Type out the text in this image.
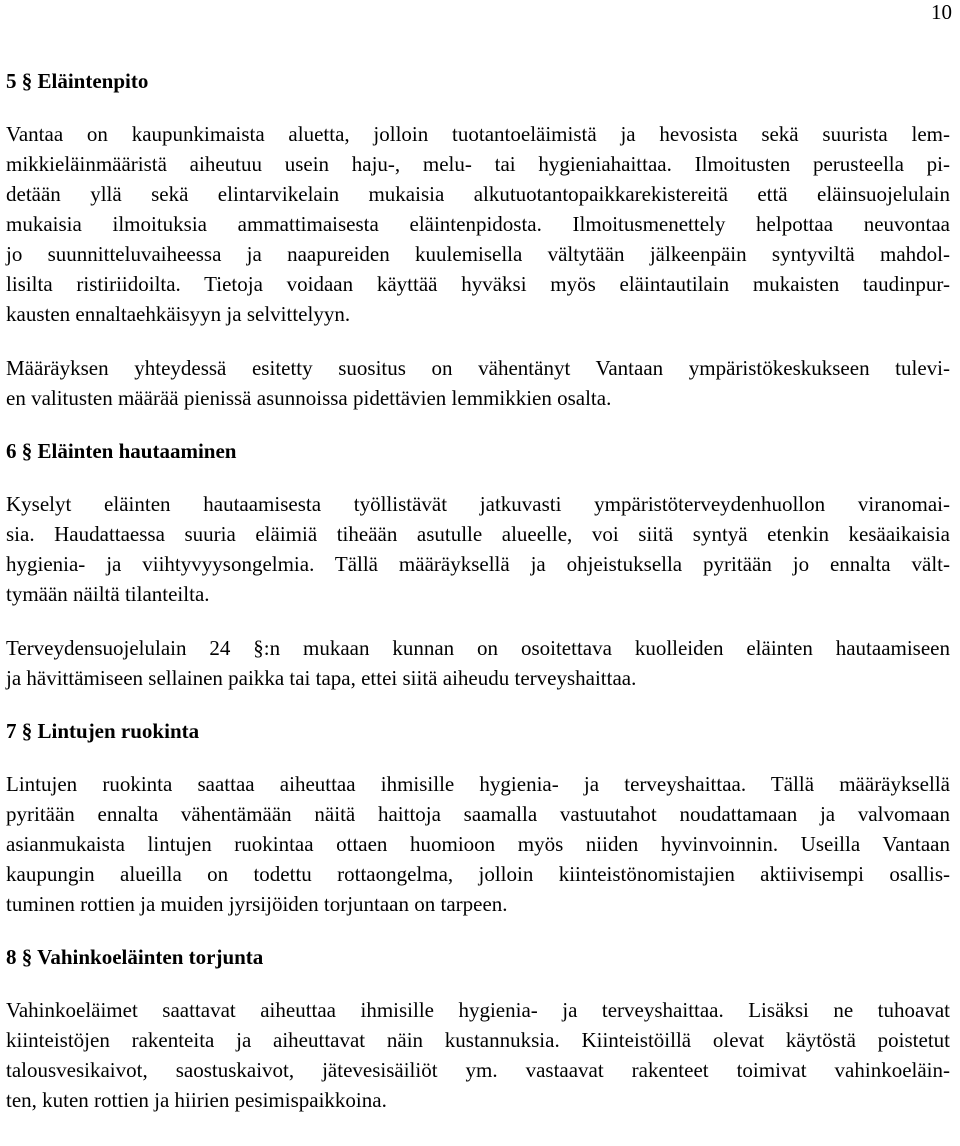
10
5 § Eläintenpito
Vantaa on kaupunkimaista aluetta, jolloin tuotantoeläimistä ja hevosista sekä suurista lem-
mikkieläinmääristä aiheutuu usein haju-, melu- tai hygieniahaittaa. Ilmoitusten perusteella pi-
detään yllä sekä elintarvikelain mukaisia alkutuotantopaikkarekistereitä että eläinsuojelulain
mukaisia ilmoituksia ammattimaisesta eläintenpidosta. Ilmoitusmenettely helpottaa neuvontaa
jo suunnitteluvaiheessa ja naapureiden kuulemisella vältytään jälkeenpäin syntyviltä mahdol-
lisilta ristiriidoilta. Tietoja voidaan käyttää hyväksi myös eläintautilain mukaisten taudinpur-
kausten ennaltaehkäisyyn ja selvittelyyn.
Määräyksen yhteydessä esitetty suositus on vähentänyt Vantaan ympäristökeskukseen tulevi-
en valitusten määrää pienissä asunnoissa pidettävien lemmikkien osalta.
6 § Eläinten hautaaminen
Kyselyt eläinten hautaamisesta työllistävät jatkuvasti ympäristöterveydenhuollon viranomai-
sia. Haudattaessa suuria eläimiä tiheään asutulle alueelle, voi siitä syntyä etenkin kesäaikaisia
hygienia- ja viihtyvyysongelmia. Tällä määräyksellä ja ohjeistuksella pyritään jo ennalta vält-
tymään näiltä tilanteilta.
Terveydensuojelulain 24 §:n mukaan kunnan on osoitettava kuolleiden eläinten hautaamiseen
ja hävittämiseen sellainen paikka tai tapa, ettei siitä aiheudu terveyshaittaa.
7 § Lintujen ruokinta
Lintujen ruokinta saattaa aiheuttaa ihmisille hygienia- ja terveyshaittaa. Tällä määräyksellä
pyritään ennalta vähentämään näitä haittoja saamalla vastuutahot noudattamaan ja valvomaan
asianmukaista lintujen ruokintaa ottaen huomioon myös niiden hyvinvoinnin. Useilla Vantaan
kaupungin alueilla on todettu rottaongelma, jolloin kiinteistönomistajien aktiivisempi osallis-
tuminen rottien ja muiden jyrsijöiden torjuntaan on tarpeen.
8 § Vahinkoeläinten torjunta
Vahinkoeläimet saattavat aiheuttaa ihmisille hygienia- ja terveyshaittaa. Lisäksi ne tuhoavat
kiinteistöjen rakenteita ja aiheuttavat näin kustannuksia. Kiinteistöillä olevat käytöstä poistetut
talousvesikaivot, saostuskaivot, jätevesisäiliöt ym. vastaavat rakenteet toimivat vahinkoeläin-
ten, kuten rottien ja hiirien pesimispaikkoina.
